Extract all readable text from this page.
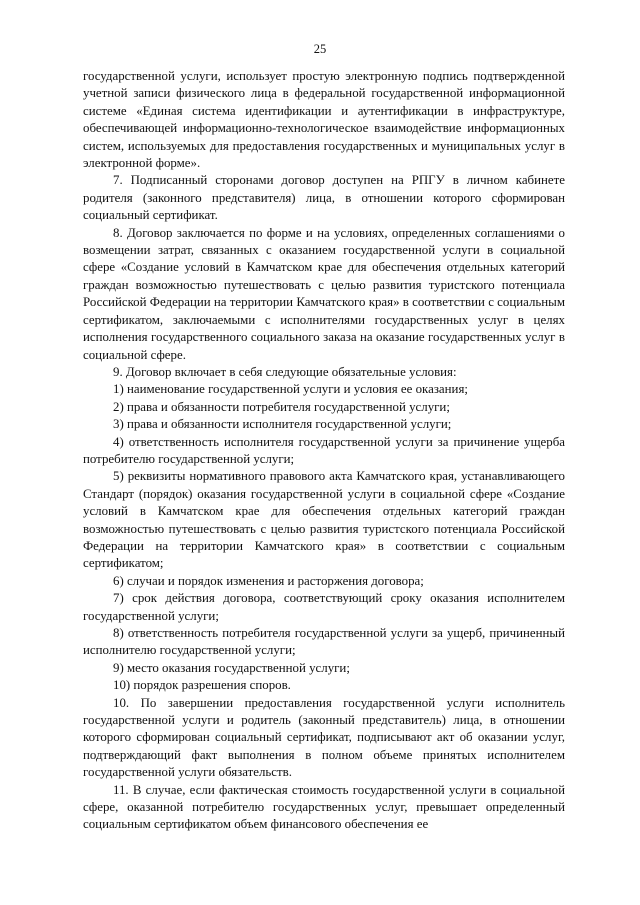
25

государственной услуги, использует простую электронную подпись подтвержденной учетной записи физического лица в федеральной государственной информационной системе «Единая система идентификации и аутентификации в инфраструктуре, обеспечивающей информационно-технологическое взаимодействие информационных систем, используемых для предоставления государственных и муниципальных услуг в электронной форме».

7. Подписанный сторонами договор доступен на РПГУ в личном кабинете родителя (законного представителя) лица, в отношении которого сформирован социальный сертификат.

8. Договор заключается по форме и на условиях, определенных соглашениями о возмещении затрат, связанных с оказанием государственной услуги в социальной сфере «Создание условий в Камчатском крае для обеспечения отдельных категорий граждан возможностью путешествовать с целью развития туристского потенциала Российской Федерации на территории Камчатского края» в соответствии с социальным сертификатом, заключаемыми с исполнителями государственных услуг в целях исполнения государственного социального заказа на оказание государственных услуг в социальной сфере.

9. Договор включает в себя следующие обязательные условия:

1) наименование государственной услуги и условия ее оказания;

2) права и обязанности потребителя государственной услуги;

3) права и обязанности исполнителя государственной услуги;

4) ответственность исполнителя государственной услуги за причинение ущерба потребителю государственной услуги;

5) реквизиты нормативного правового акта Камчатского края, устанавливающего Стандарт (порядок) оказания государственной услуги в социальной сфере «Создание условий в Камчатском крае для обеспечения отдельных категорий граждан возможностью путешествовать с целью развития туристского потенциала Российской Федерации на территории Камчатского края» в соответствии с социальным сертификатом;

6) случаи и порядок изменения и расторжения договора;

7) срок действия договора, соответствующий сроку оказания исполнителем государственной услуги;

8) ответственность потребителя государственной услуги за ущерб, причиненный исполнителю государственной услуги;

9) место оказания государственной услуги;

10) порядок разрешения споров.

10. По завершении предоставления государственной услуги исполнитель государственной услуги и родитель (законный представитель) лица, в отношении которого сформирован социальный сертификат, подписывают акт об оказании услуг, подтверждающий факт выполнения в полном объеме принятых исполнителем государственной услуги обязательств.

11. В случае, если фактическая стоимость государственной услуги в социальной сфере, оказанной потребителю государственных услуг, превышает определенный социальным сертификатом объем финансового обеспечения ее
